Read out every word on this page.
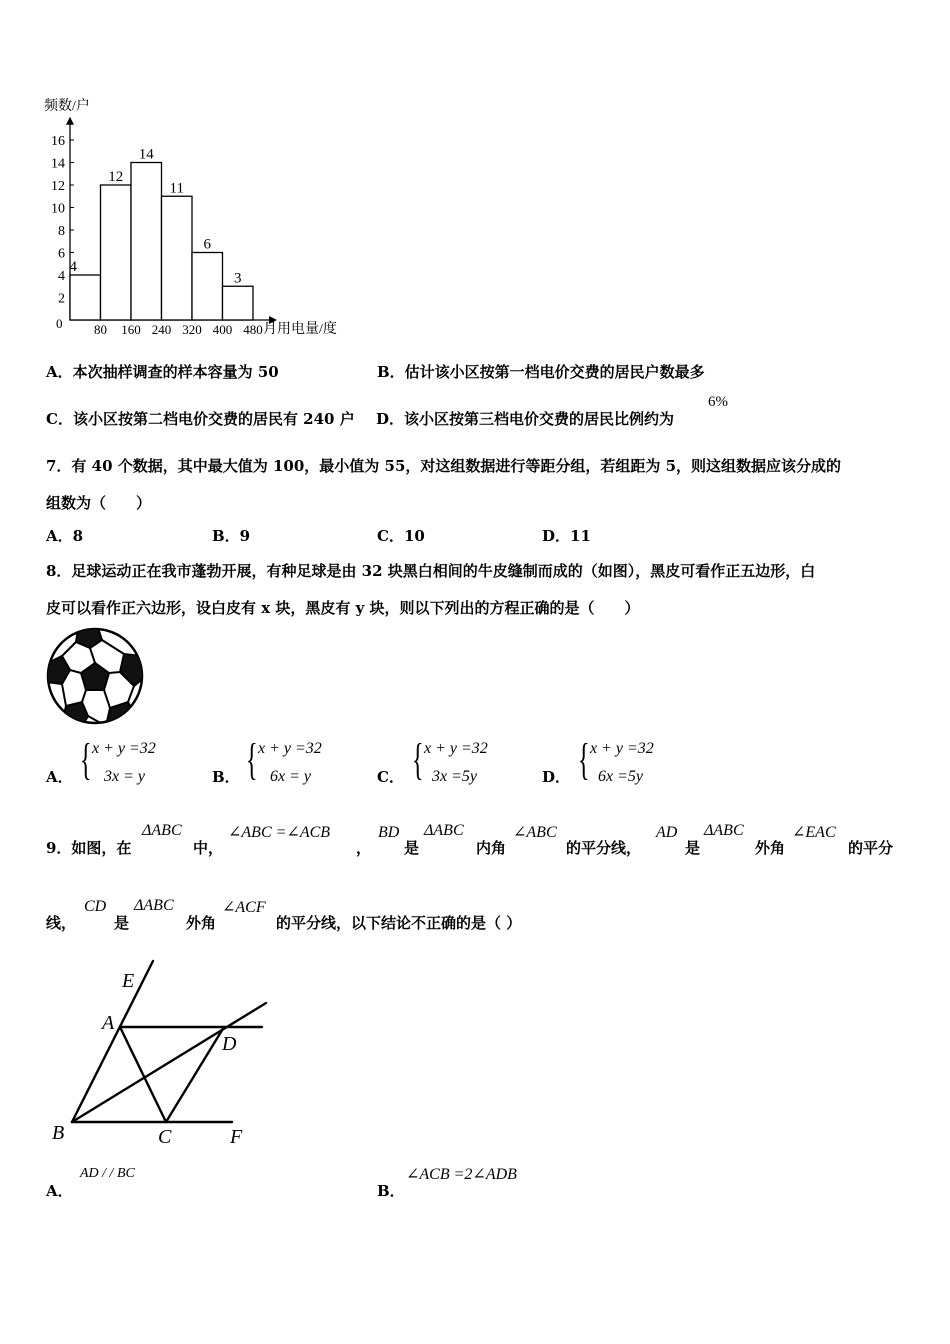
频数/户
月用电量/度
0
2
4
6
8
10
12
14
16
80 160 240 320 400 480
4
12
14
11
6
3
A．本次抽样调查的样本容量为 50	B．估计该小区按第一档电价交费的居民户数最多
C．该小区按第二档电价交费的居民有 240 户 D．该小区按第三档电价交费的居民比例约为
6%
7．有 40 个数据，其中最大值为 100，最小值为 55，对这组数据进行等距分组，若组距为 5，则这组数据应该分成的
组数为（　　）
A．8	B．9	C．10	D．11
8．足球运动正在我市蓬勃开展，有种足球是由 32 块黑白相间的牛皮缝制而成的（如图），黑皮可看作正五边形，白
皮可以看作正六边形，设白皮有 x 块，黑皮有 y 块，则以下列出的方程正确的是（　　）
A． { x + y =32
3x = y	B． { x + y =32
6x = y	C． { x + y =32
3x =5y	D． { x + y =32
6x =5y
9．如图，在
ΔABC
中，
∠ABC =∠ACB
，
BD
是
ΔABC
内角
∠ABC
的平分线，
AD
是
ΔABC
外角
∠EAC
的平分
线，
CD
是
ΔABC
外角
∠ACF
的平分线，以下结论不正确的是（ ）
E
A
D
B	C	F
A．
AD / / BC
B．
∠ACB =2∠ADB
